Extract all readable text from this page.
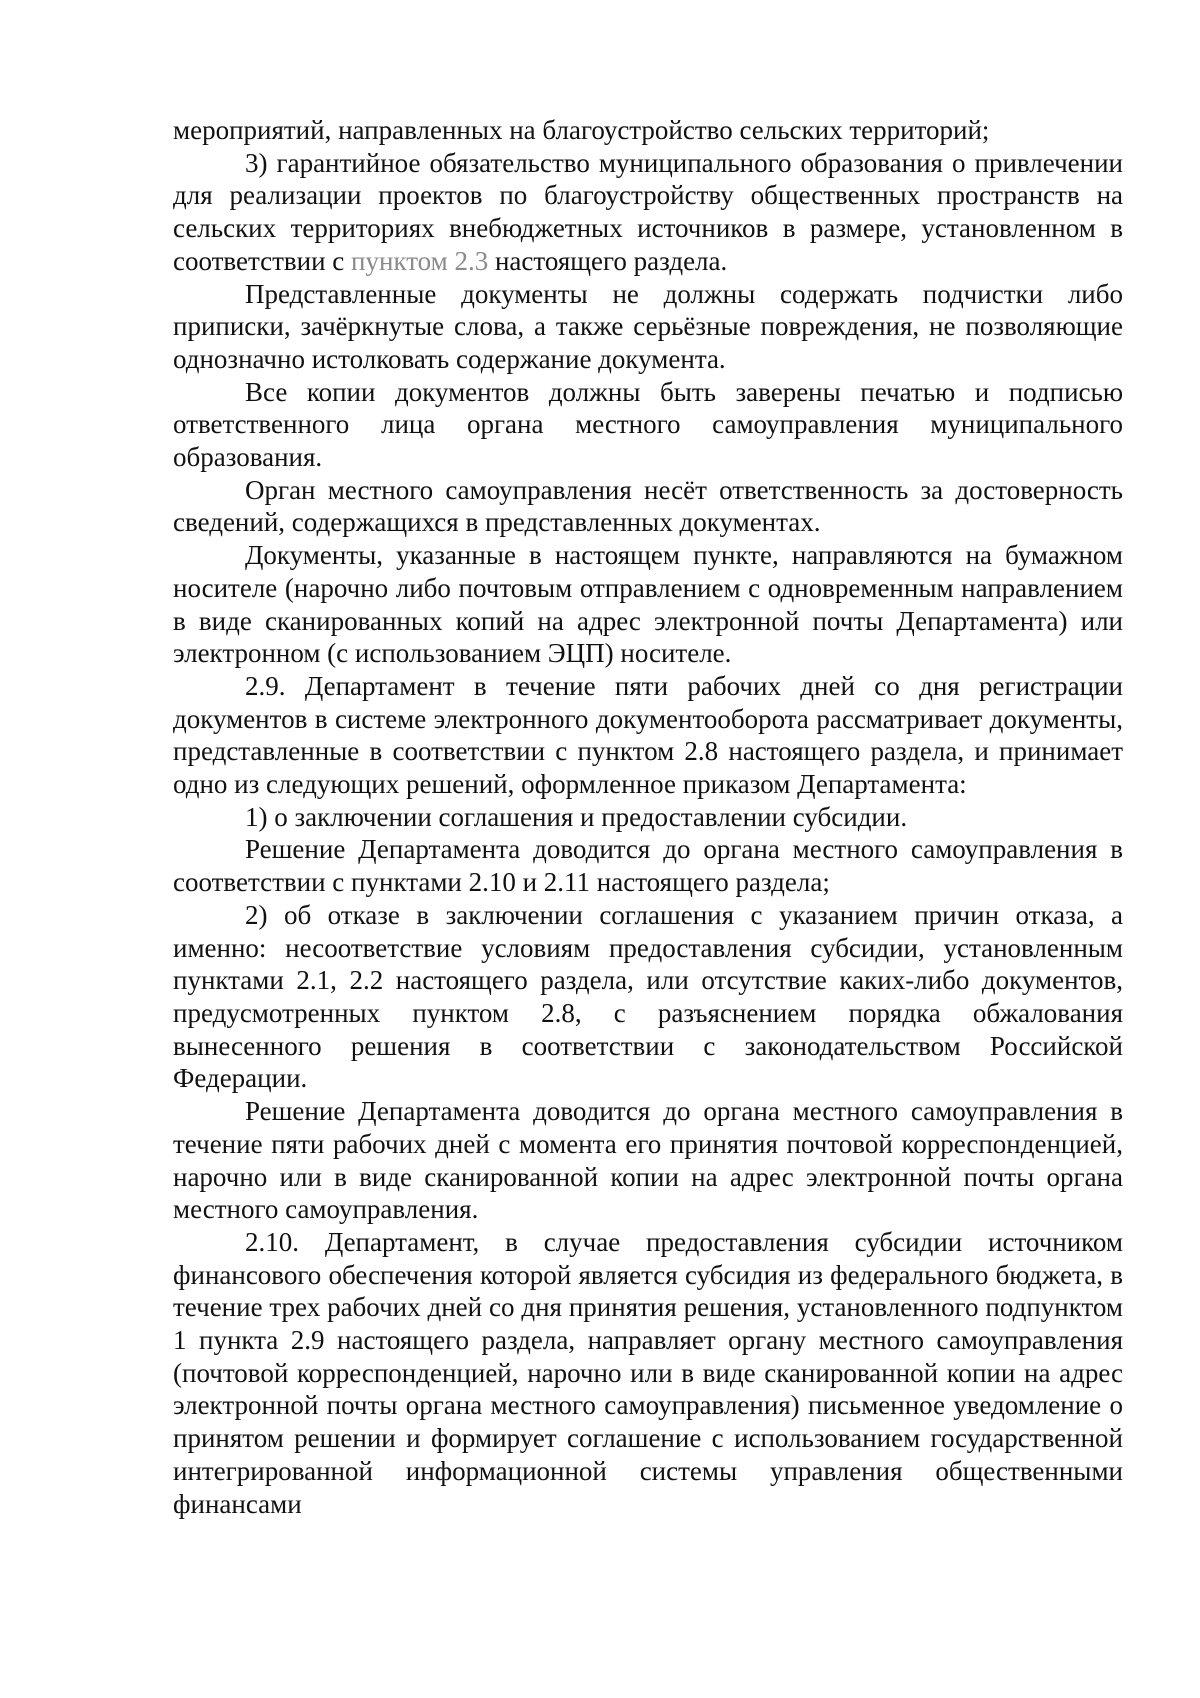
мероприятий, направленных на благоустройство сельских территорий;

3) гарантийное обязательство муниципального образования о привлечении для реализации проектов по благоустройству общественных пространств на сельских территориях внебюджетных источников в размере, установленном в соответствии с пунктом 2.3 настоящего раздела.

Представленные документы не должны содержать подчистки либо приписки, зачёркнутые слова, а также серьёзные повреждения, не позволяющие однозначно истолковать содержание документа.

Все копии документов должны быть заверены печатью и подписью ответственного лица органа местного самоуправления муниципального образования.

Орган местного самоуправления несёт ответственность за достоверность сведений, содержащихся в представленных документах.

Документы, указанные в настоящем пункте, направляются на бумажном носителе (нарочно либо почтовым отправлением с одновременным направлением в виде сканированных копий на адрес электронной почты Департамента) или электронном (с использованием ЭЦП) носителе.

2.9. Департамент в течение пяти рабочих дней со дня регистрации документов в системе электронного документооборота рассматривает документы, представленные в соответствии с пунктом 2.8 настоящего раздела, и принимает одно из следующих решений, оформленное приказом Департамента:

1) о заключении соглашения и предоставлении субсидии.

Решение Департамента доводится до органа местного самоуправления в соответствии с пунктами 2.10 и 2.11 настоящего раздела;

2) об отказе в заключении соглашения с указанием причин отказа, а именно: несоответствие условиям предоставления субсидии, установленным пунктами 2.1, 2.2 настоящего раздела, или отсутствие каких-либо документов, предусмотренных пунктом 2.8, с разъяснением порядка обжалования вынесенного решения в соответствии с законодательством Российской Федерации.

Решение Департамента доводится до органа местного самоуправления в течение пяти рабочих дней с момента его принятия почтовой корреспонденцией, нарочно или в виде сканированной копии на адрес электронной почты органа местного самоуправления.

2.10. Департамент, в случае предоставления субсидии источником финансового обеспечения которой является субсидия из федерального бюджета, в течение трех рабочих дней со дня принятия решения, установленного подпунктом 1 пункта 2.9 настоящего раздела, направляет органу местного самоуправления (почтовой корреспонденцией, нарочно или в виде сканированной копии на адрес электронной почты органа местного самоуправления) письменное уведомление о принятом решении и формирует соглашение с использованием государственной интегрированной информационной системы управления общественными финансами
